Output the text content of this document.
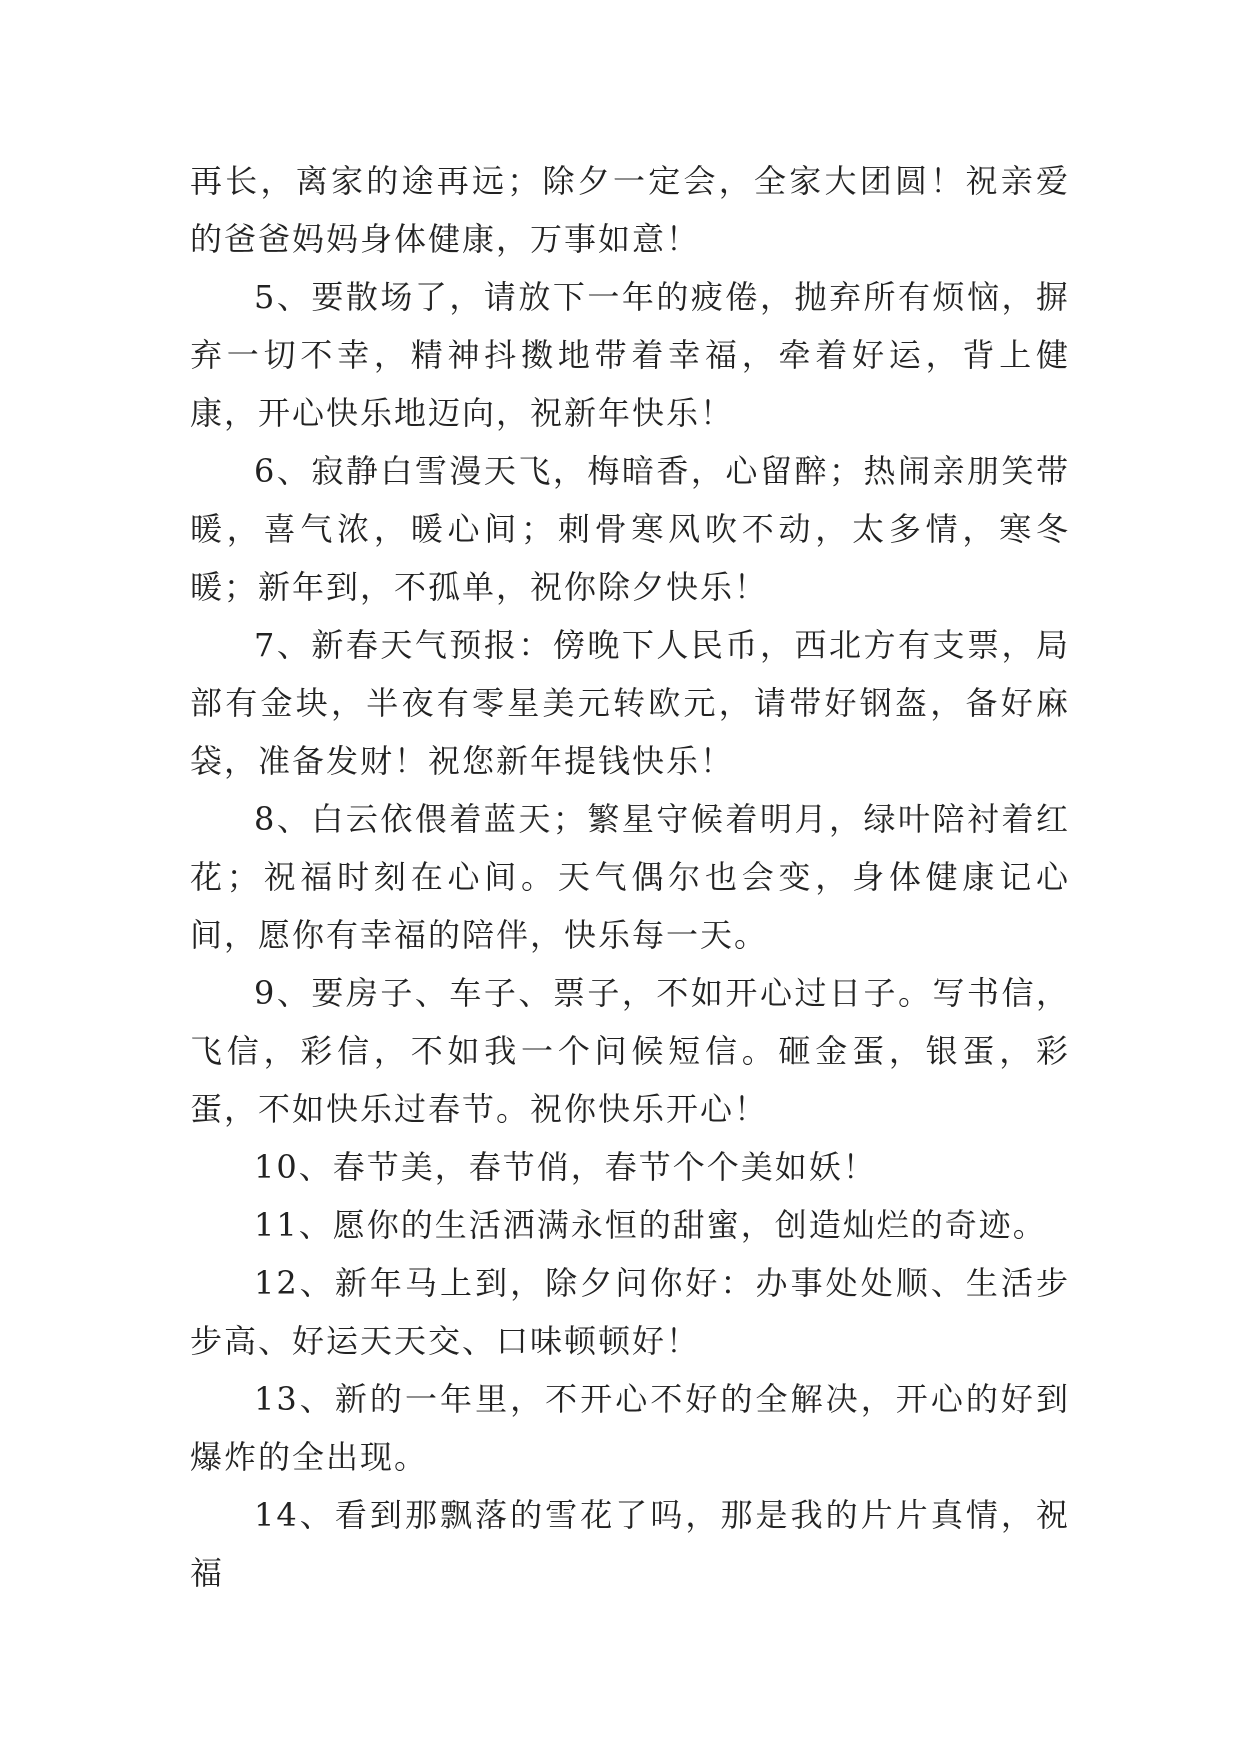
再长，离家的途再远；除夕一定会，全家大团圆！祝亲爱的爸爸妈妈身体健康，万事如意！

5、要散场了，请放下一年的疲倦，抛弃所有烦恼，摒弃一切不幸，精神抖擞地带着幸福，牵着好运，背上健康，开心快乐地迈向，祝新年快乐！

6、寂静白雪漫天飞，梅暗香，心留醉；热闹亲朋笑带暖，喜气浓，暖心间；刺骨寒风吹不动，太多情，寒冬暖；新年到，不孤单，祝你除夕快乐！

7、新春天气预报：傍晚下人民币，西北方有支票，局部有金块，半夜有零星美元转欧元，请带好钢盔，备好麻袋，准备发财！祝您新年提钱快乐！

8、白云依偎着蓝天；繁星守候着明月，绿叶陪衬着红花；祝福时刻在心间。天气偶尔也会变，身体健康记心间，愿你有幸福的陪伴，快乐每一天。

9、要房子、车子、票子，不如开心过日子。写书信，飞信，彩信，不如我一个问候短信。砸金蛋，银蛋，彩蛋，不如快乐过春节。祝你快乐开心！

10、春节美，春节俏，春节个个美如妖！

11、愿你的生活洒满永恒的甜蜜，创造灿烂的奇迹。

12、新年马上到，除夕问你好：办事处处顺、生活步步高、好运天天交、口味顿顿好！

13、新的一年里，不开心不好的全解决，开心的好到爆炸的全出现。

14、看到那飘落的雪花了吗，那是我的片片真情，祝福
